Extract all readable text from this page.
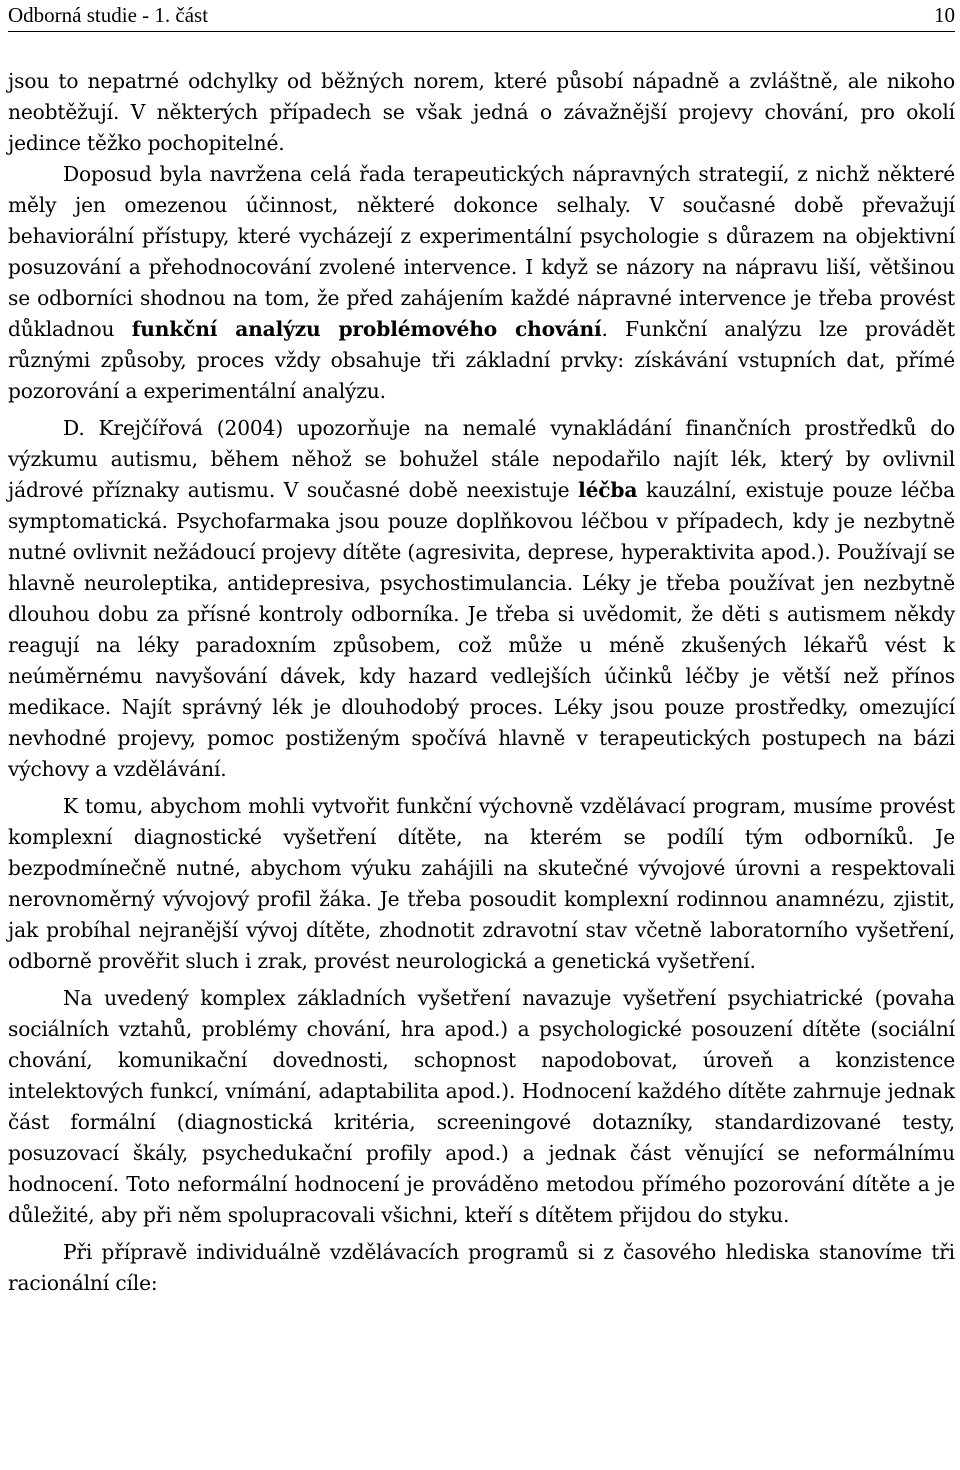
Odborná studie - 1. část	10

jsou to nepatrné odchylky od běžných norem, které působí nápadně a zvláštně, ale nikoho neobtěžují. V některých případech se však jedná o závažnější projevy chování, pro okolí jedince těžko pochopitelné.

Doposud byla navržena celá řada terapeutických nápravných strategií, z nichž některé měly jen omezenou účinnost, některé dokonce selhaly. V současné době převažují behaviorální přístupy, které vycházejí z experimentální psychologie s důrazem na objektivní posuzování a přehodnocování zvolené intervence. I když se názory na nápravu liší, většinou se odborníci shodnou na tom, že před zahájením každé nápravné intervence je třeba provést důkladnou funkční analýzu problémového chování. Funkční analýzu lze provádět různými způsoby, proces vždy obsahuje tři základní prvky: získávání vstupních dat, přímé pozorování a experimentální analýzu.

D. Krejčířová (2004) upozorňuje na nemalé vynakládání finančních prostředků do výzkumu autismu, během něhož se bohužel stále nepodařilo najít lék, který by ovlivnil jádrové příznaky autismu. V současné době neexistuje léčba kauzální, existuje pouze léčba symptomatická. Psychofarmaka jsou pouze doplňkovou léčbou v případech, kdy je nezbytně nutné ovlivnit nežádoucí projevy dítěte (agresivita, deprese, hyperaktivita apod.). Používají se hlavně neuroleptika, antidepresiva, psychostimulancia. Léky je třeba používat jen nezbytně dlouhou dobu za přísné kontroly odborníka. Je třeba si uvědomit, že děti s autismem někdy reagují na léky paradoxním způsobem, což může u méně zkušených lékařů vést k neúměrnému navyšování dávek, kdy hazard vedlejších účinků léčby je větší než přínos medikace. Najít správný lék je dlouhodobý proces. Léky jsou pouze prostředky, omezující nevhodné projevy, pomoc postiženým spočívá hlavně v terapeutických postupech na bázi výchovy a vzdělávání.

K tomu, abychom mohli vytvořit funkční výchovně vzdělávací program, musíme provést komplexní diagnostické vyšetření dítěte, na kterém se podílí tým odborníků. Je bezpodmínečně nutné, abychom výuku zahájili na skutečné vývojové úrovni a respektovali nerovnoměrný vývojový profil žáka. Je třeba posoudit komplexní rodinnou anamnézu, zjistit, jak probíhal nejranější vývoj dítěte, zhodnotit zdravotní stav včetně laboratorního vyšetření, odborně prověřit sluch i zrak, provést neurologická a genetická vyšetření.

Na uvedený komplex základních vyšetření navazuje vyšetření psychiatrické (povaha sociálních vztahů, problémy chování, hra apod.) a psychologické posouzení dítěte (sociální chování, komunikační dovednosti, schopnost napodobovat, úroveň a konzistence intelektových funkcí, vnímání, adaptabilita apod.). Hodnocení každého dítěte zahrnuje jednak část formální (diagnostická kritéria, screeningové dotazníky, standardizované testy, posuzovací škály, psychedukační profily apod.) a jednak část věnující se neformálnímu hodnocení. Toto neformální hodnocení je prováděno metodou přímého pozorování dítěte a je důležité, aby při něm spolupracovali všichni, kteří s dítětem přijdou do styku.

Při přípravě individuálně vzdělávacích programů si z časového hlediska stanovíme tři racionální cíle:
